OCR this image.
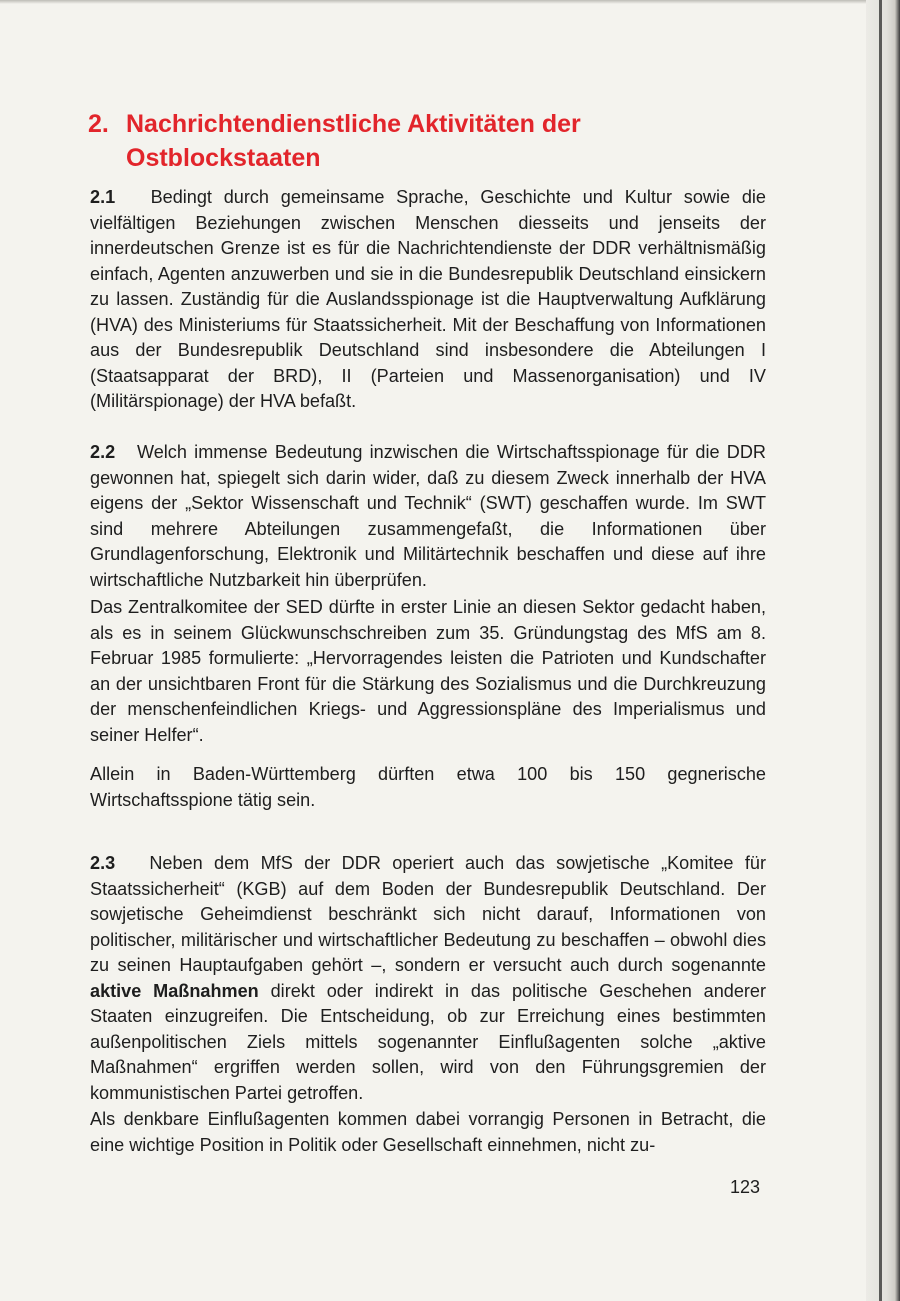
2. Nachrichtendienstliche Aktivitäten der
Ostblockstaaten

2.1 Bedingt durch gemeinsame Sprache, Geschichte und Kultur sowie die vielfältigen Beziehungen zwischen Menschen diesseits und jenseits der innerdeutschen Grenze ist es für die Nachrichtendienste der DDR verhältnismäßig einfach, Agenten anzuwerben und sie in die Bundesrepublik Deutschland einsickern zu lassen. Zuständig für die Auslandsspionage ist die Hauptverwaltung Aufklärung (HVA) des Ministeriums für Staatssicherheit. Mit der Beschaffung von Informationen aus der Bundesrepublik Deutschland sind insbesondere die Abteilungen I (Staatsapparat der BRD), II (Parteien und Massenorganisation) und IV (Militärspionage) der HVA befaßt.

2.2 Welch immense Bedeutung inzwischen die Wirtschaftsspionage für die DDR gewonnen hat, spiegelt sich darin wider, daß zu diesem Zweck innerhalb der HVA eigens der „Sektor Wissenschaft und Technik“ (SWT) geschaffen wurde. Im SWT sind mehrere Abteilungen zusammengefaßt, die Informationen über Grundlagenforschung, Elektronik und Militärtechnik beschaffen und diese auf ihre wirtschaftliche Nutzbarkeit hin überprüfen.

Das Zentralkomitee der SED dürfte in erster Linie an diesen Sektor gedacht haben, als es in seinem Glückwunschschreiben zum 35. Gründungstag des MfS am 8. Februar 1985 formulierte: „Hervorragendes leisten die Patrioten und Kundschafter an der unsichtbaren Front für die Stärkung des Sozialismus und die Durchkreuzung der menschenfeindlichen Kriegs- und Aggressionspläne des Imperialismus und seiner Helfer“.

Allein in Baden-Württemberg dürften etwa 100 bis 150 gegnerische Wirtschaftsspione tätig sein.

2.3 Neben dem MfS der DDR operiert auch das sowjetische „Komitee für Staatssicherheit“ (KGB) auf dem Boden der Bundesrepublik Deutschland. Der sowjetische Geheimdienst beschränkt sich nicht darauf, Informationen von politischer, militärischer und wirtschaftlicher Bedeutung zu beschaffen – obwohl dies zu seinen Hauptaufgaben gehört –, sondern er versucht auch durch sogenannte aktive Maßnahmen direkt oder indirekt in das politische Geschehen anderer Staaten einzugreifen. Die Entscheidung, ob zur Erreichung eines bestimmten außenpolitischen Ziels mittels sogenannter Einflußagenten solche „aktive Maßnahmen“ ergriffen werden sollen, wird von den Führungsgremien der kommunistischen Partei getroffen.

Als denkbare Einflußagenten kommen dabei vorrangig Personen in Betracht, die eine wichtige Position in Politik oder Gesellschaft einnehmen, nicht zu-

123
